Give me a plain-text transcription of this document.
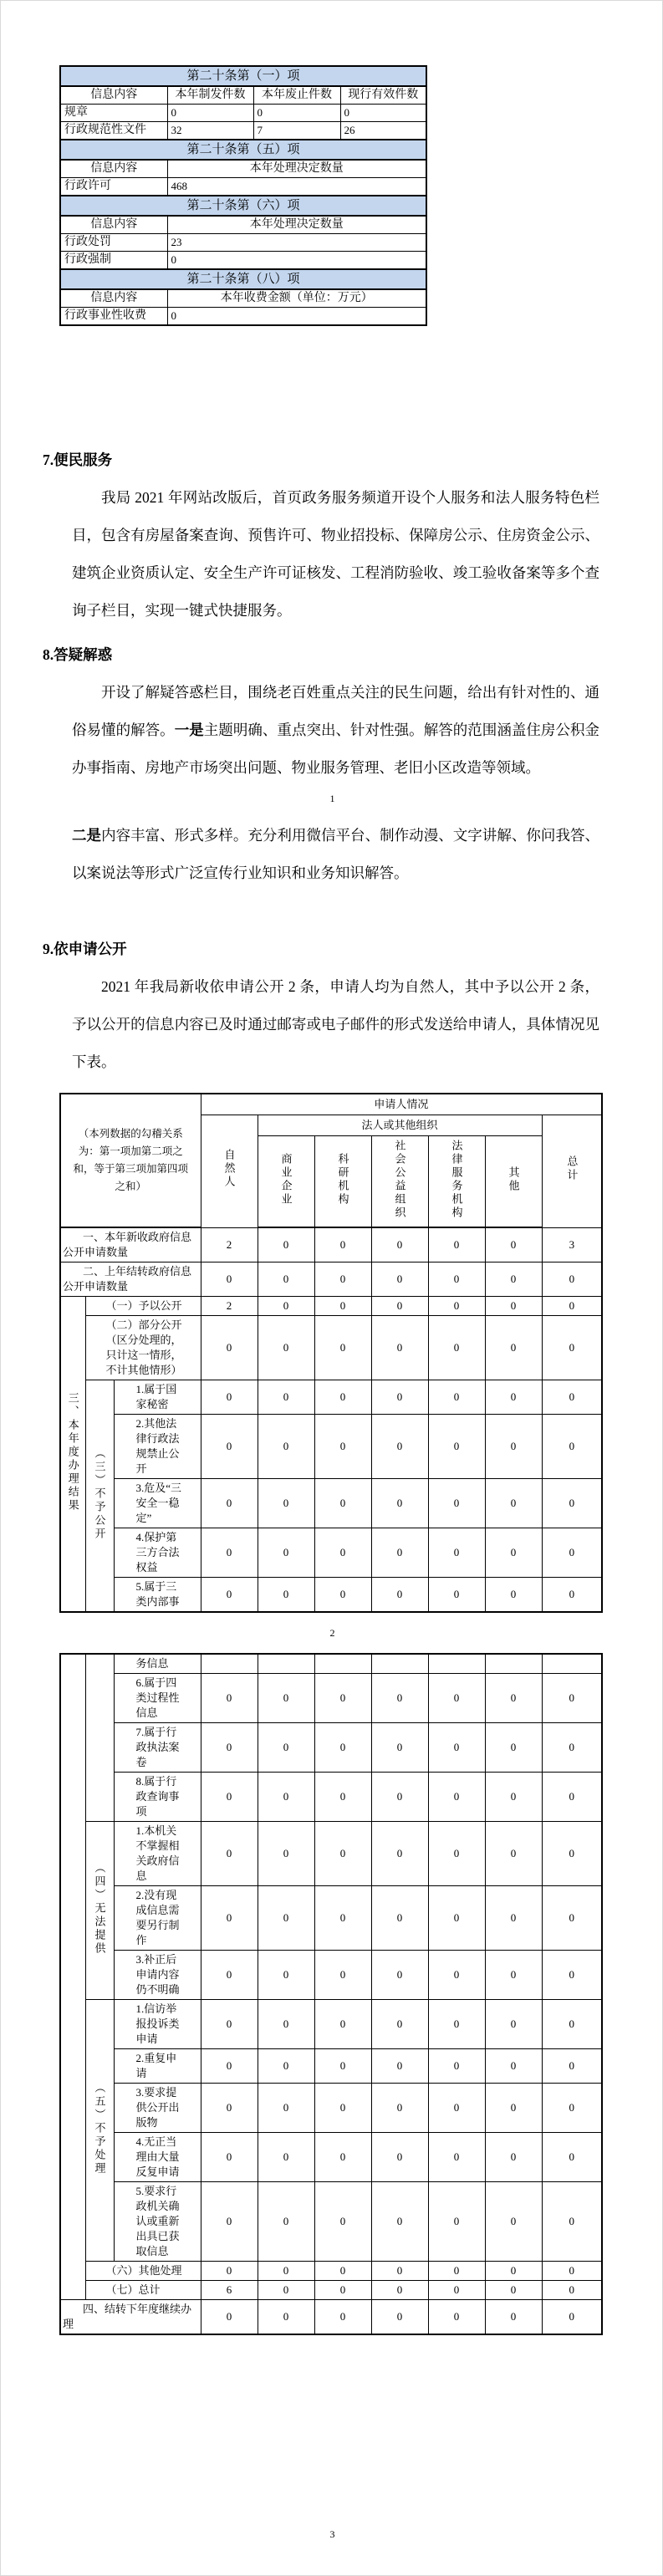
第二十条第（一）项			
信息内容	本年制发件数	本年废止件数	现行有效件数
规章	0	0	0
行政规范性文件	32	7	26
第二十条第（五）项			
信息内容	本年处理决定数量		
行政许可	468		
第二十条第（六）项			
信息内容	本年处理决定数量		
行政处罚	23		
行政强制	0		
第二十条第（八）项			
信息内容	本年收费金额（单位：万元）		
行政事业性收费	0		
7.便民服务

我局 2021 年网站改版后，首页政务服务频道开设个人服务和法人服务特色栏目，包含有房屋备案查询、预售许可、物业招投标、保障房公示、住房资金公示、建筑企业资质认定、安全生产许可证核发、工程消防验收、竣工验收备案等多个查询子栏目，实现一键式快捷服务。

8.答疑解惑

开设了解疑答惑栏目，围绕老百姓重点关注的民生问题，给出有针对性的、通俗易懂的解答。一是主题明确、重点突出、针对性强。解答的范围涵盖住房公积金办事指南、房地产市场突出问题、物业服务管理、老旧小区改造等领域。

1

二是内容丰富、形式多样。充分利用微信平台、制作动漫、文字讲解、你问我答、以案说法等形式广泛宣传行业知识和业务知识解答。

9.依申请公开

2021 年我局新收依申请公开 2 条，申请人均为自然人，其中予以公开 2 条，予以公开的信息内容已及时通过邮寄或电子邮件的形式发送给申请人，具体情况见下表。

（本列数据的勾稽关系为：第一项加第二项之和，等于第三项加第四项之和）			申请人情况						
			自然人	法人或其他组织					总计
				商业企业	科研机构	社会公益组织	法律服务机构	其他	
一、本年新收政府信息公开申请数量			2	0	0	0	0	0	3
二、上年结转政府信息公开申请数量			0	0	0	0	0	0	0
三、本年度办理结果	（一）予以公开		2	0	0	0	0	0	0
	（二）部分公开（区分处理的，只计这一情形，不计其他情形）		0	0	0	0	0	0	0
	（三）不予公开	1.属于国家秘密	0	0	0	0	0	0	0
		2.其他法律行政法规禁止公开	0	0	0	0	0	0	0
		3.危及“三安全一稳定”	0	0	0	0	0	0	0
		4.保护第三方合法权益	0	0	0	0	0	0	0
		5.属于三类内部事	0	0	0	0	0	0	0
2
		务信息							
		6.属于四类过程性信息	0	0	0	0	0	0	0
		7.属于行政执法案卷	0	0	0	0	0	0	0
		8.属于行政查询事项	0	0	0	0	0	0	0
	（四）无法提供	1.本机关不掌握相关政府信息	0	0	0	0	0	0	0
		2.没有现成信息需要另行制作	0	0	0	0	0	0	0
		3.补正后申请内容仍不明确	0	0	0	0	0	0	0
	（五）不予处理	1.信访举报投诉类申请	0	0	0	0	0	0	0
		2.重复申请	0	0	0	0	0	0	0
		3.要求提供公开出版物	0	0	0	0	0	0	0
		4.无正当理由大量反复申请	0	0	0	0	0	0	0
		5.要求行政机关确认或重新出具已获取信息	0	0	0	0	0	0	0
	（六）其他处理		0	0	0	0	0	0	0
	（七）总计		6	0	0	0	0	0	0
四、结转下年度继续办理			0	0	0	0	0	0	0
3
